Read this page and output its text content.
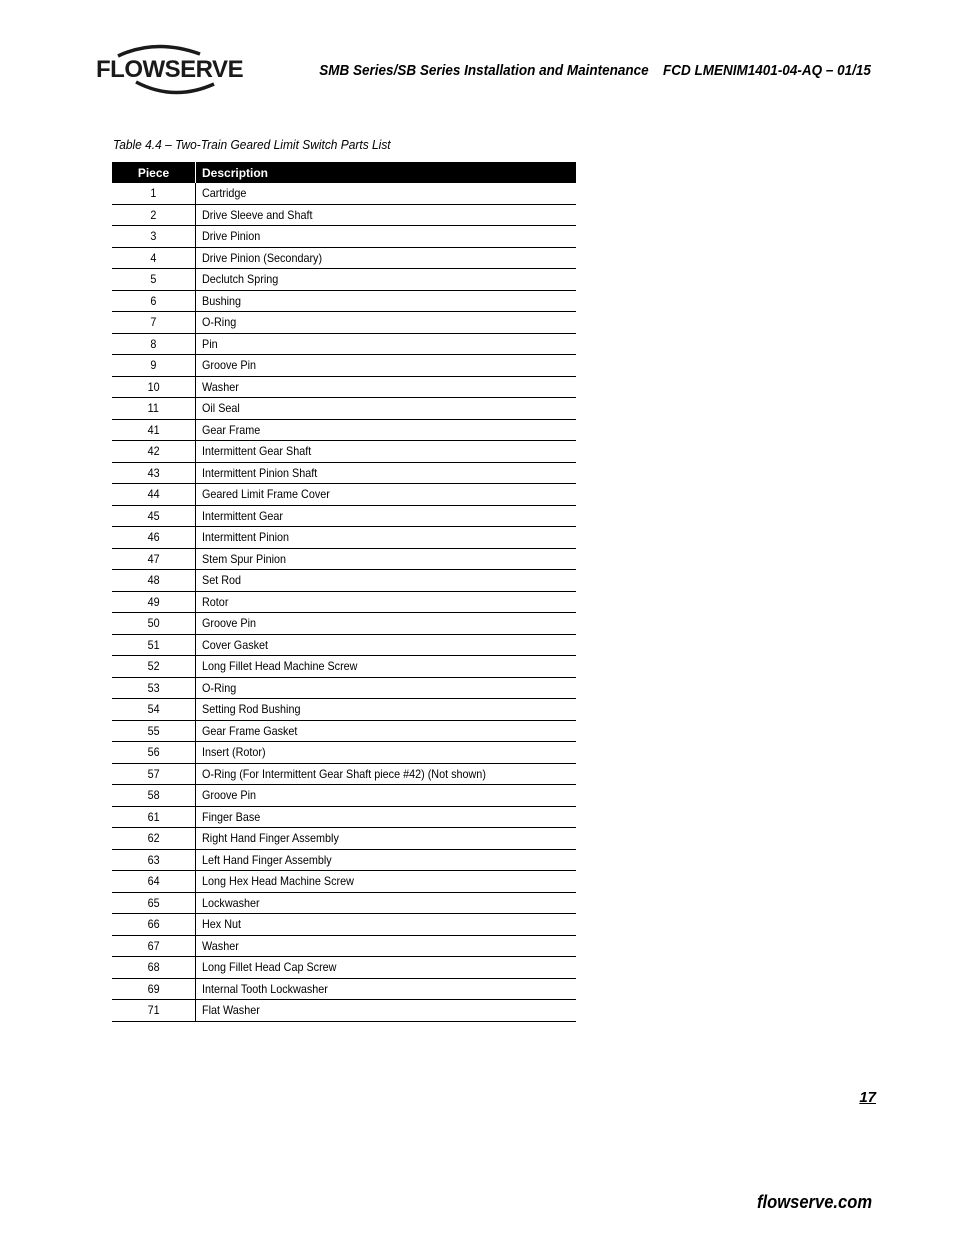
FLOWSERVE	SMB Series/SB Series Installation and Maintenance FCD LMENIM1401-04-AQ – 01/15
Table 4.4 – Two-Train Geared Limit Switch Parts List
Piece	Description
1	Cartridge
2	Drive Sleeve and Shaft
3	Drive Pinion
4	Drive Pinion (Secondary)
5	Declutch Spring
6	Bushing
7	O-Ring
8	Pin
9	Groove Pin
10	Washer
11	Oil Seal
41	Gear Frame
42	Intermittent Gear Shaft
43	Intermittent Pinion Shaft
44	Geared Limit Frame Cover
45	Intermittent Gear
46	Intermittent Pinion
47	Stem Spur Pinion
48	Set Rod
49	Rotor
50	Groove Pin
51	Cover Gasket
52	Long Fillet Head Machine Screw
53	O-Ring
54	Setting Rod Bushing
55	Gear Frame Gasket
56	Insert (Rotor)
57	O-Ring (For Intermittent Gear Shaft piece #42) (Not shown)
58	Groove Pin
61	Finger Base
62	Right Hand Finger Assembly
63	Left Hand Finger Assembly
64	Long Hex Head Machine Screw
65	Lockwasher
66	Hex Nut
67	Washer
68	Long Fillet Head Cap Screw
69	Internal Tooth Lockwasher
71	Flat Washer
17
flowserve.com
